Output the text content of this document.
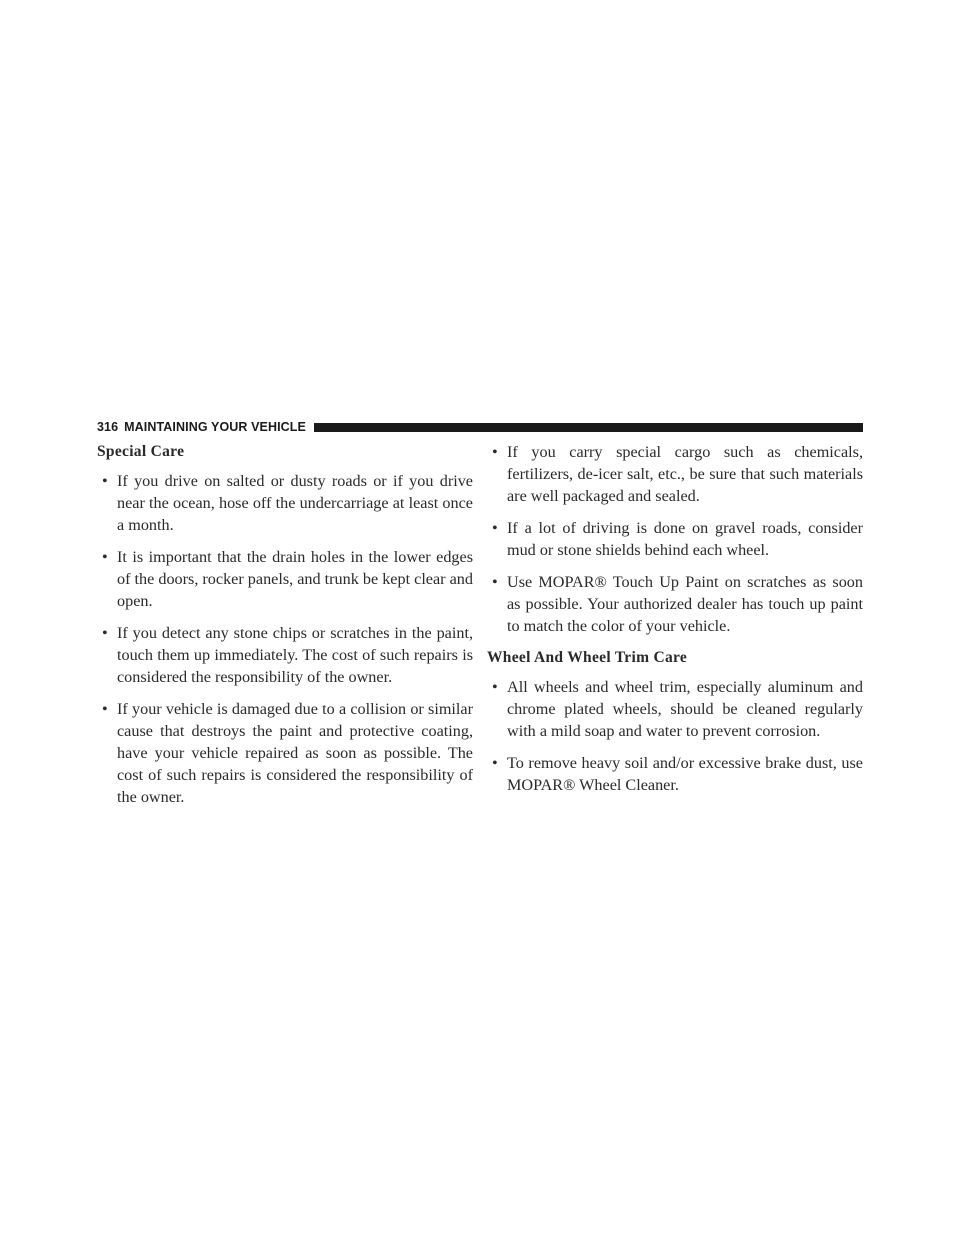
316 MAINTAINING YOUR VEHICLE
Special Care
• If you drive on salted or dusty roads or if you drive near the ocean, hose off the undercarriage at least once a month.
• It is important that the drain holes in the lower edges of the doors, rocker panels, and trunk be kept clear and open.
• If you detect any stone chips or scratches in the paint, touch them up immediately. The cost of such repairs is considered the responsibility of the owner.
• If your vehicle is damaged due to a collision or similar cause that destroys the paint and protective coating, have your vehicle repaired as soon as possible. The cost of such repairs is considered the responsibility of the owner.
• If you carry special cargo such as chemicals, fertilizers, de-icer salt, etc., be sure that such materials are well packaged and sealed.
• If a lot of driving is done on gravel roads, consider mud or stone shields behind each wheel.
• Use MOPAR® Touch Up Paint on scratches as soon as possible. Your authorized dealer has touch up paint to match the color of your vehicle.
Wheel And Wheel Trim Care
• All wheels and wheel trim, especially aluminum and chrome plated wheels, should be cleaned regularly with a mild soap and water to prevent corrosion.
• To remove heavy soil and/or excessive brake dust, use MOPAR® Wheel Cleaner.
